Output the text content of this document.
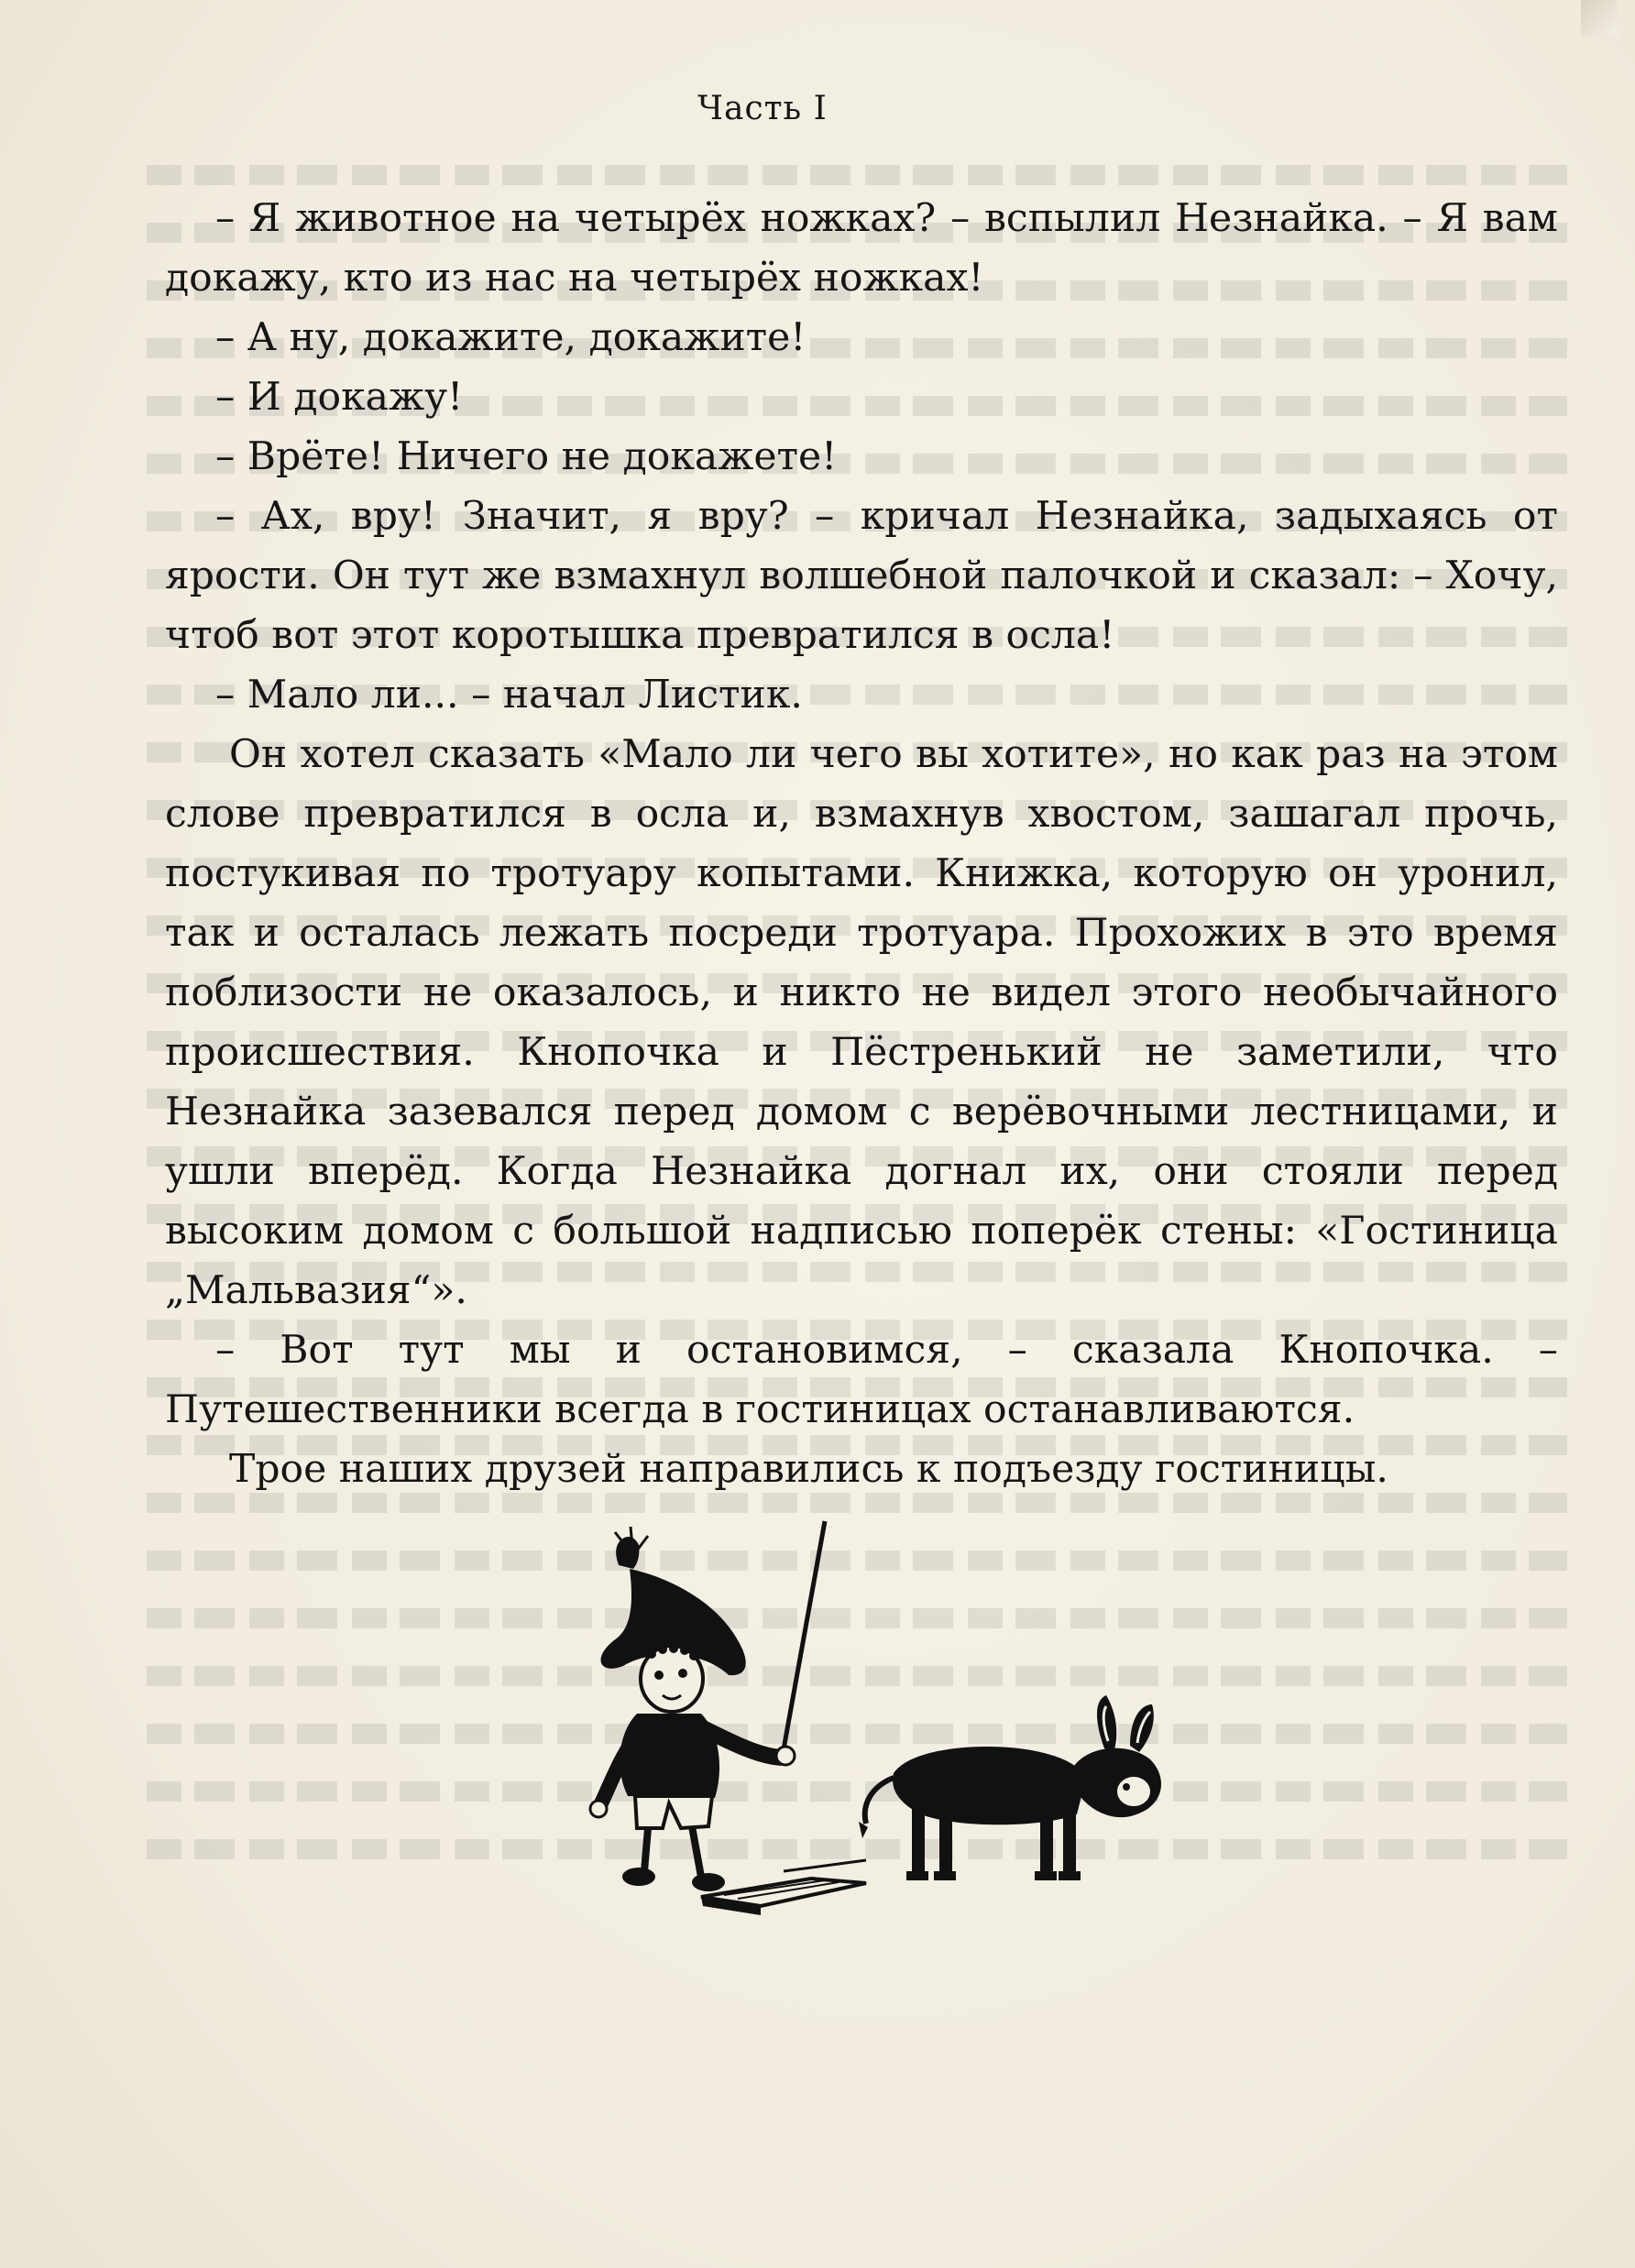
Часть I

– Я животное на четырёх ножках? – вспылил Незнайка. – Я вам докажу, кто из нас на четырёх ножках!

– А ну, докажите, докажите!

– И докажу!

– Врёте! Ничего не докажете!

– Ах, вру! Значит, я вру? – кричал Незнайка, задыхаясь от ярости. Он тут же взмахнул волшебной палочкой и сказал: – Хочу, чтоб вот этот коротышка превратился в осла!

– Мало ли... – начал Листик.

Он хотел сказать «Мало ли чего вы хотите», но как раз на этом слове превратился в осла и, взмахнув хвостом, зашагал прочь, постукивая по тротуару копытами. Книжка, которую он уронил, так и осталась лежать посреди тротуара. Прохожих в это время поблизости не оказалось, и никто не видел этого необычайного происшествия. Кнопочка и Пёстренький не заметили, что Незнайка зазевался перед домом с верёвочными лестницами, и ушли вперёд. Когда Незнайка догнал их, они стояли перед высоким домом с большой надписью поперёк стены: «Гостиница „Мальвазия“».

– Вот тут мы и остановимся, – сказала Кнопочка. – Путешественники всегда в гостиницах останавливаются.

Трое наших друзей направились к подъезду гостиницы.
